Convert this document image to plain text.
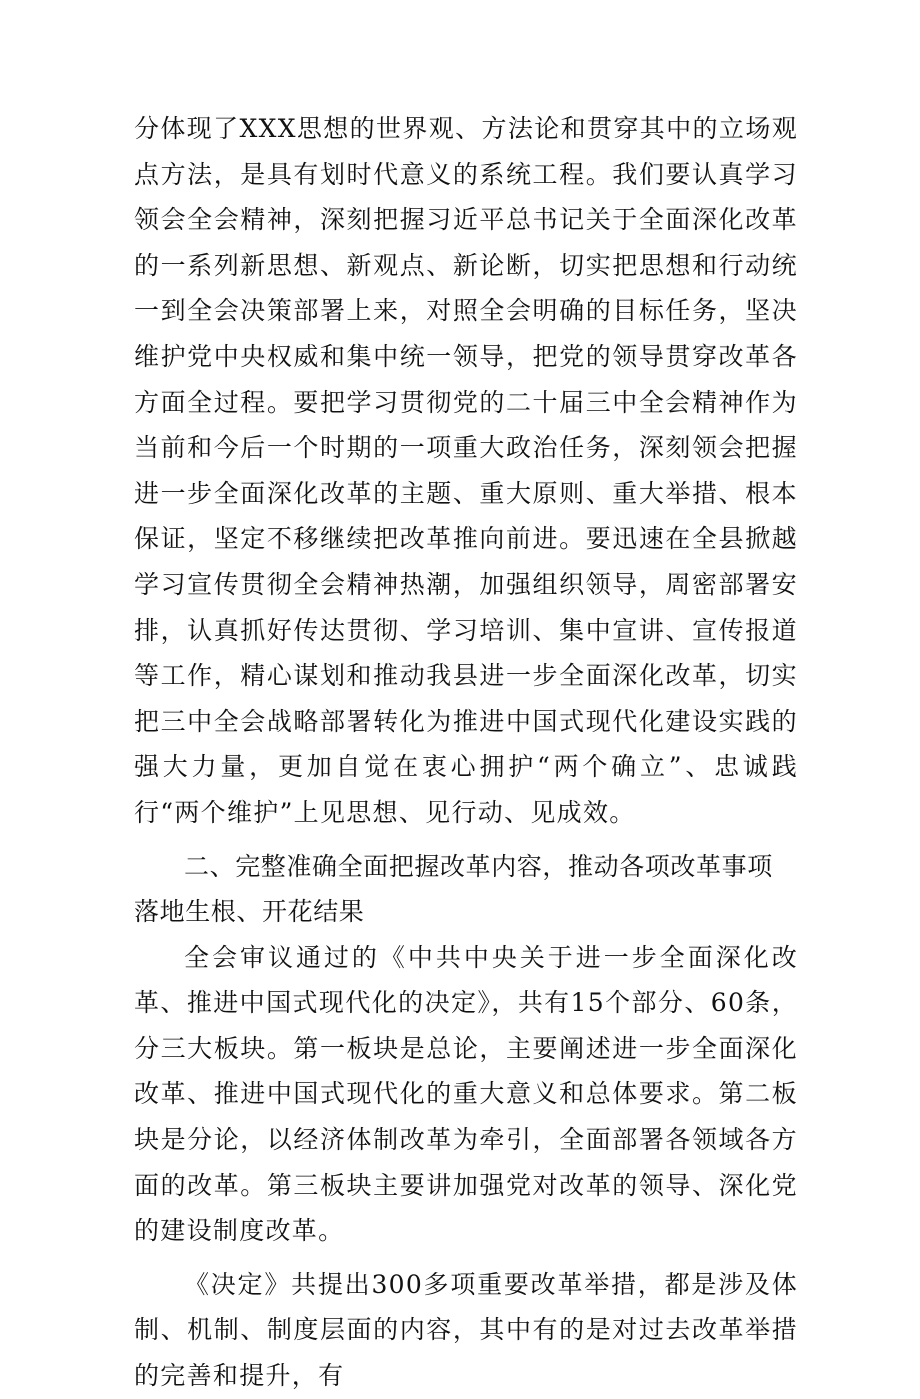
分体现了XXX思想的世界观、方法论和贯穿其中的立场观点方法，是具有划时代意义的系统工程。我们要认真学习领会全会精神，深刻把握习近平总书记关于全面深化改革的一系列新思想、新观点、新论断，切实把思想和行动统一到全会决策部署上来，对照全会明确的目标任务，坚决维护党中央权威和集中统一领导，把党的领导贯穿改革各方面全过程。要把学习贯彻党的二十届三中全会精神作为当前和今后一个时期的一项重大政治任务，深刻领会把握进一步全面深化改革的主题、重大原则、重大举措、根本保证，坚定不移继续把改革推向前进。要迅速在全县掀越学习宣传贯彻全会精神热潮，加强组织领导，周密部署安排，认真抓好传达贯彻、学习培训、集中宣讲、宣传报道等工作，精心谋划和推动我县进一步全面深化改革，切实把三中全会战略部署转化为推进中国式现代化建设实践的强大力量，更加自觉在衷心拥护“两个确立”、忠诚践行“两个维护”上见思想、见行动、见成效。

二、完整准确全面把握改革内容，推动各项改革事项落地生根、开花结果

全会审议通过的《中共中央关于进一步全面深化改革、推进中国式现代化的决定》，共有15个部分、60条，分三大板块。第一板块是总论，主要阐述进一步全面深化改革、推进中国式现代化的重大意义和总体要求。第二板块是分论，以经济体制改革为牵引，全面部署各领域各方面的改革。第三板块主要讲加强党对改革的领导、深化党的建设制度改革。

《决定》共提出300多项重要改革举措，都是涉及体制、机制、制度层面的内容，其中有的是对过去改革举措的完善和提升，有
